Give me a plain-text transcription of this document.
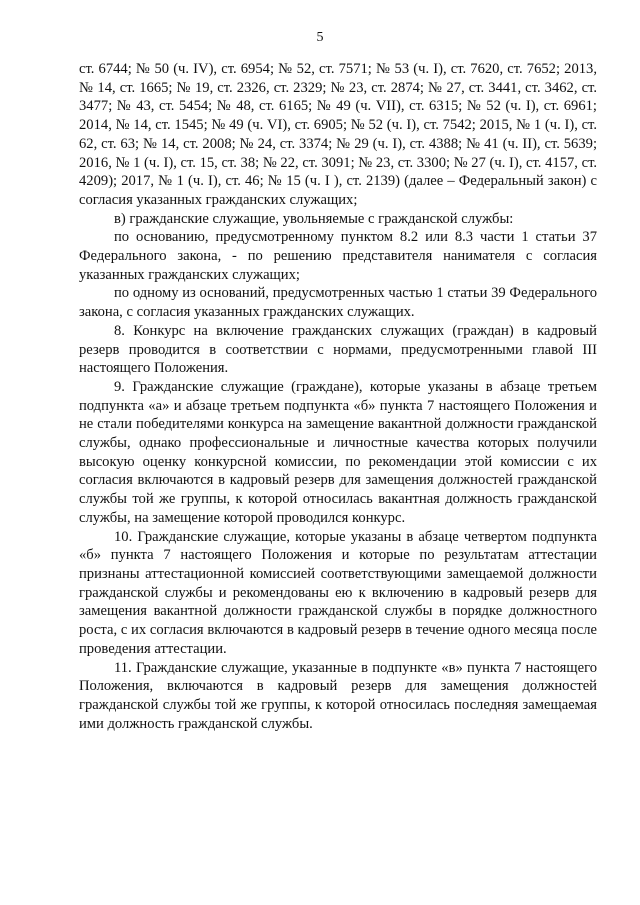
5

ст. 6744; № 50 (ч. IV), ст. 6954; № 52, ст. 7571; № 53 (ч. I), ст. 7620, ст. 7652; 2013, № 14, ст. 1665; № 19, ст. 2326, ст. 2329; № 23, ст. 2874; № 27, ст. 3441, ст. 3462, ст. 3477; № 43, ст. 5454; № 48, ст. 6165; № 49 (ч. VII), ст. 6315; № 52 (ч. I), ст. 6961; 2014, № 14, ст. 1545; № 49 (ч. VI), ст. 6905; № 52 (ч. I), ст. 7542; 2015, № 1 (ч. I), ст. 62, ст. 63; № 14, ст. 2008; № 24, ст. 3374; № 29 (ч. I), ст. 4388; № 41 (ч. II), ст. 5639; 2016, № 1 (ч. I), ст. 15, ст. 38; № 22, ст. 3091; № 23, ст. 3300; № 27 (ч. I), ст. 4157, ст. 4209); 2017, № 1 (ч. I), ст. 46; № 15 (ч. I ), ст. 2139) (далее – Федеральный закон) с согласия указанных гражданских служащих;

в) гражданские служащие, увольняемые с гражданской службы:

по основанию, предусмотренному пунктом 8.2 или 8.3 части 1 статьи 37 Федерального закона, - по решению представителя нанимателя с согласия указанных гражданских служащих;

по одному из оснований, предусмотренных частью 1 статьи 39 Федерального закона, с согласия указанных гражданских служащих.

8. Конкурс на включение гражданских служащих (граждан) в кадровый резерв проводится в соответствии с нормами, предусмотренными главой III настоящего Положения.

9. Гражданские служащие (граждане), которые указаны в абзаце третьем подпункта «а» и абзаце третьем подпункта «б» пункта 7 настоящего Положения и не стали победителями конкурса на замещение вакантной должности гражданской службы, однако профессиональные и личностные качества которых получили высокую оценку конкурсной комиссии, по рекомендации этой комиссии с их согласия включаются в кадровый резерв для замещения должностей гражданской службы той же группы, к которой относилась вакантная должность гражданской службы, на замещение которой проводился конкурс.

10. Гражданские служащие, которые указаны в абзаце четвертом подпункта «б» пункта 7 настоящего Положения и которые по результатам аттестации признаны аттестационной комиссией соответствующими замещаемой должности гражданской службы и рекомендованы ею к включению в кадровый резерв для замещения вакантной должности гражданской службы в порядке должностного роста, с их согласия включаются в кадровый резерв в течение одного месяца после проведения аттестации.

11. Гражданские служащие, указанные в подпункте «в» пункта 7 настоящего Положения, включаются в кадровый резерв для замещения должностей гражданской службы той же группы, к которой относилась последняя замещаемая ими должность гражданской службы.
